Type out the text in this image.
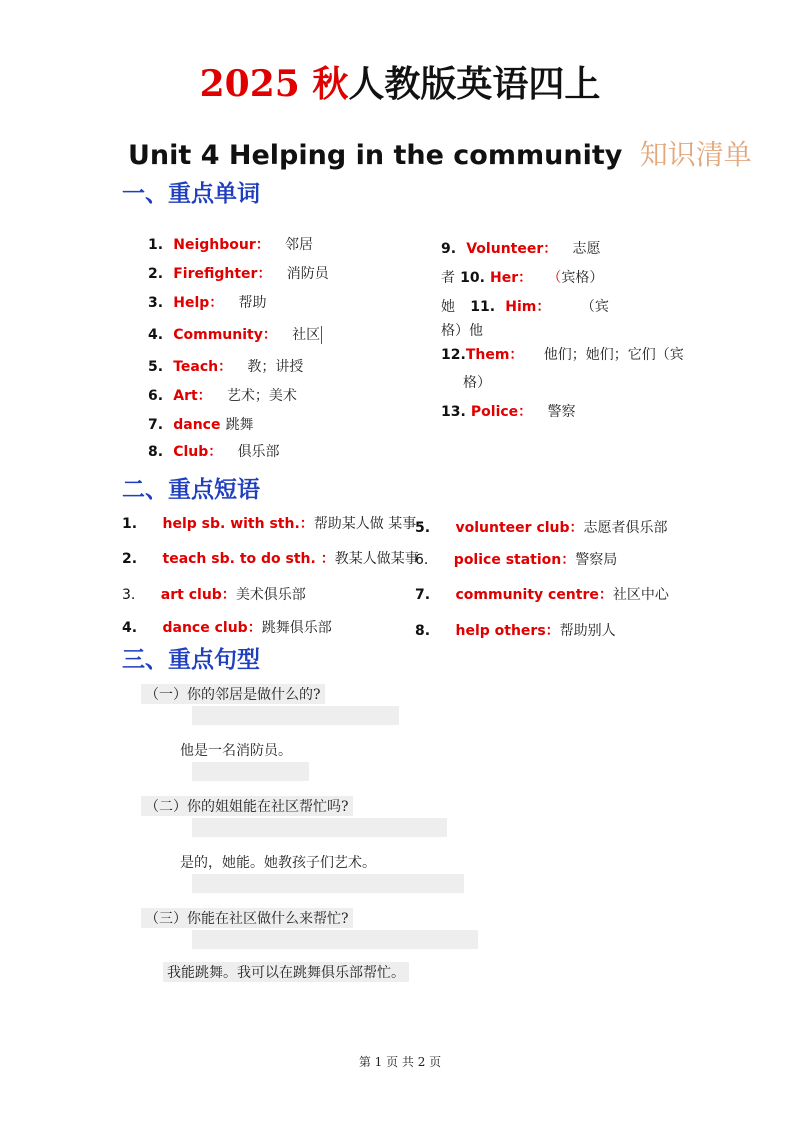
2025 秋人教版英语四上
Unit 4 Helping in the community 知识清单
一、重点单词
1. Neighbour： 邻居
2. Firefighter： 消防员
3. Help： 帮助
4. Community： 社区
5. Teach： 教；讲授
6. Art： 艺术；美术
7. dance 跳舞
8. Club： 俱乐部
9. Volunteer： 志愿
者 10. Her： （宾格）
她 11. Him： （宾
格）他
12.Them： 他们；她们；它们（宾
格）
13. Police： 警察
二、重点短语
1. help sb. with sth.：帮助某人做 某事
2. teach sb. to do sth. ：教某人做某事
3. art club：美术俱乐部
4. dance club：跳舞俱乐部
5. volunteer club：志愿者俱乐部
6. police station：警察局
7. community centre：社区中心
8. help others：帮助别人
三、重点句型
（一）你的邻居是做什么的?
他是一名消防员。
（二）你的姐姐能在社区帮忙吗?
是的，她能。她教孩子们艺术。
（三）你能在社区做什么来帮忙?
我能跳舞。我可以在跳舞俱乐部帮忙。
第 1 页 共 2 页
